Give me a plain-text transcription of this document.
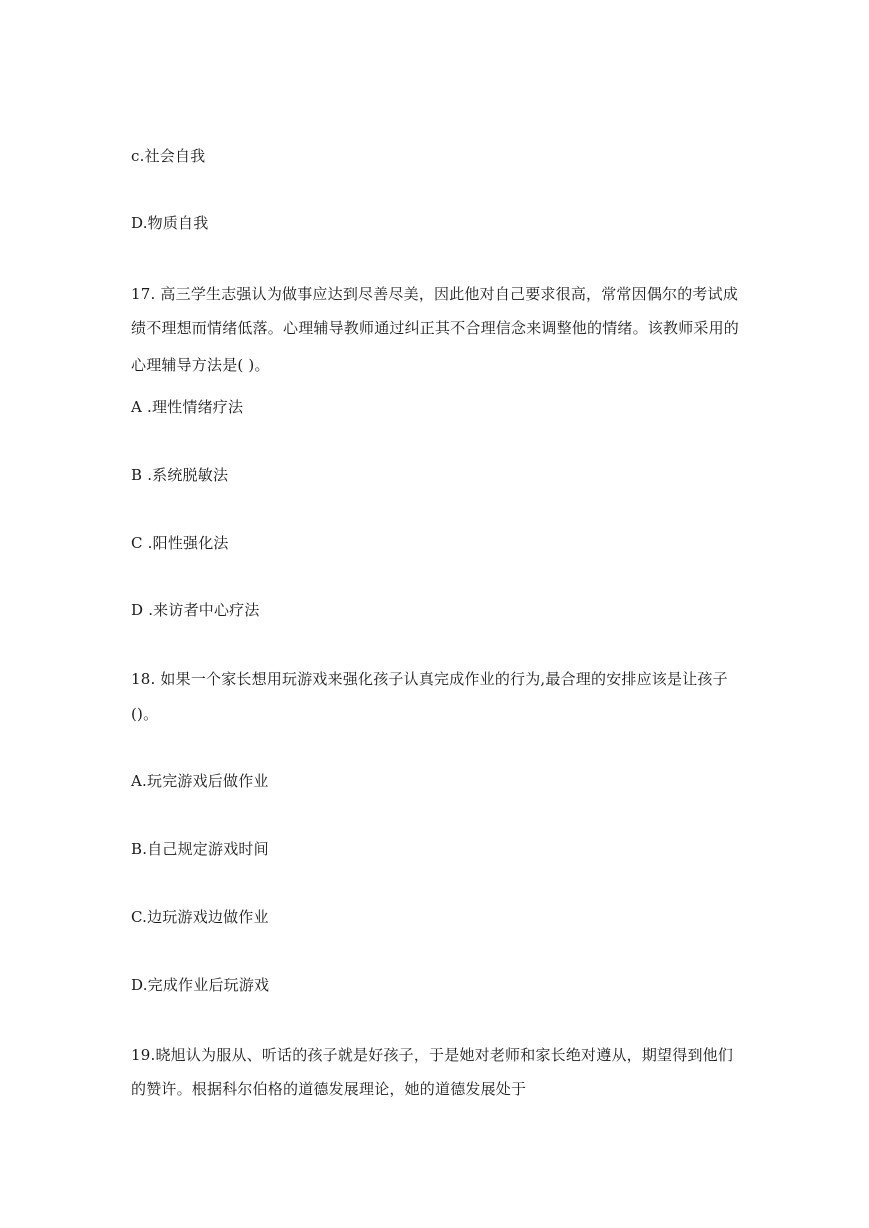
c.社会自我
D.物质自我
17. 高三学生志强认为做事应达到尽善尽美，因此他对自己要求很高，常常因偶尔的考试成
绩不理想而情绪低落。心理辅导教师通过纠正其不合理信念来调整他的情绪。该教师采用的
心理辅导方法是( )。
A .理性情绪疗法
B .系统脱敏法
C .阳性强化法
D .来访者中心疗法
18. 如果一个家长想用玩游戏来强化孩子认真完成作业的行为,最合理的安排应该是让孩子
()。
A.玩完游戏后做作业
B.自己规定游戏时间
C.边玩游戏边做作业
D.完成作业后玩游戏
19.晓旭认为服从、听话的孩子就是好孩子，于是她对老师和家长绝对遵从，期望得到他们
的赞许。根据科尔伯格的道德发展理论，她的道德发展处于
